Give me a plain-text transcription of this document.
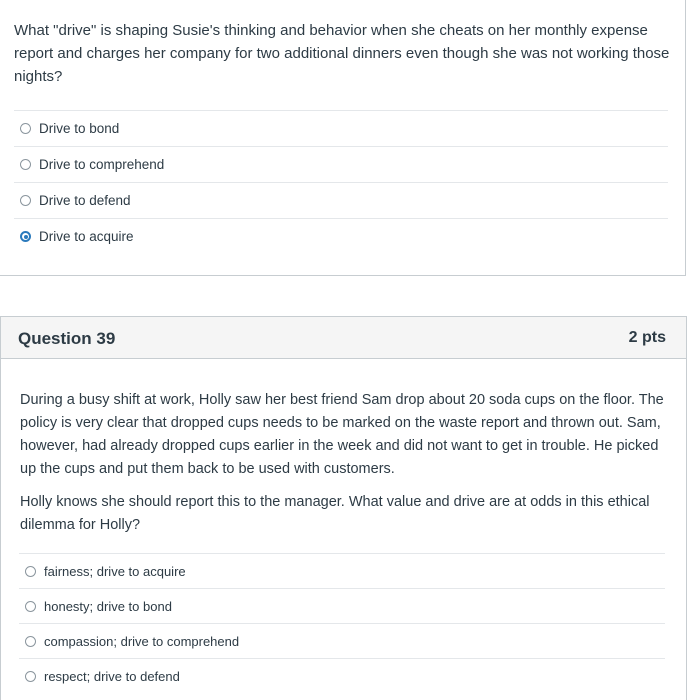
What "drive" is shaping Susie's thinking and behavior when she cheats on her monthly expense report and charges her company for two additional dinners even though she was not working those nights?
Drive to bond
Drive to comprehend
Drive to defend
Drive to acquire
Question 39	2 pts

During a busy shift at work, Holly saw her best friend Sam drop about 20 soda cups on the floor. The policy is very clear that dropped cups needs to be marked on the waste report and thrown out. Sam, however, had already dropped cups earlier in the week and did not want to get in trouble. He picked up the cups and put them back to be used with customers.

Holly knows she should report this to the manager. What value and drive are at odds in this ethical dilemma for Holly?

fairness; drive to acquire
honesty; drive to bond
compassion; drive to comprehend
respect; drive to defend
